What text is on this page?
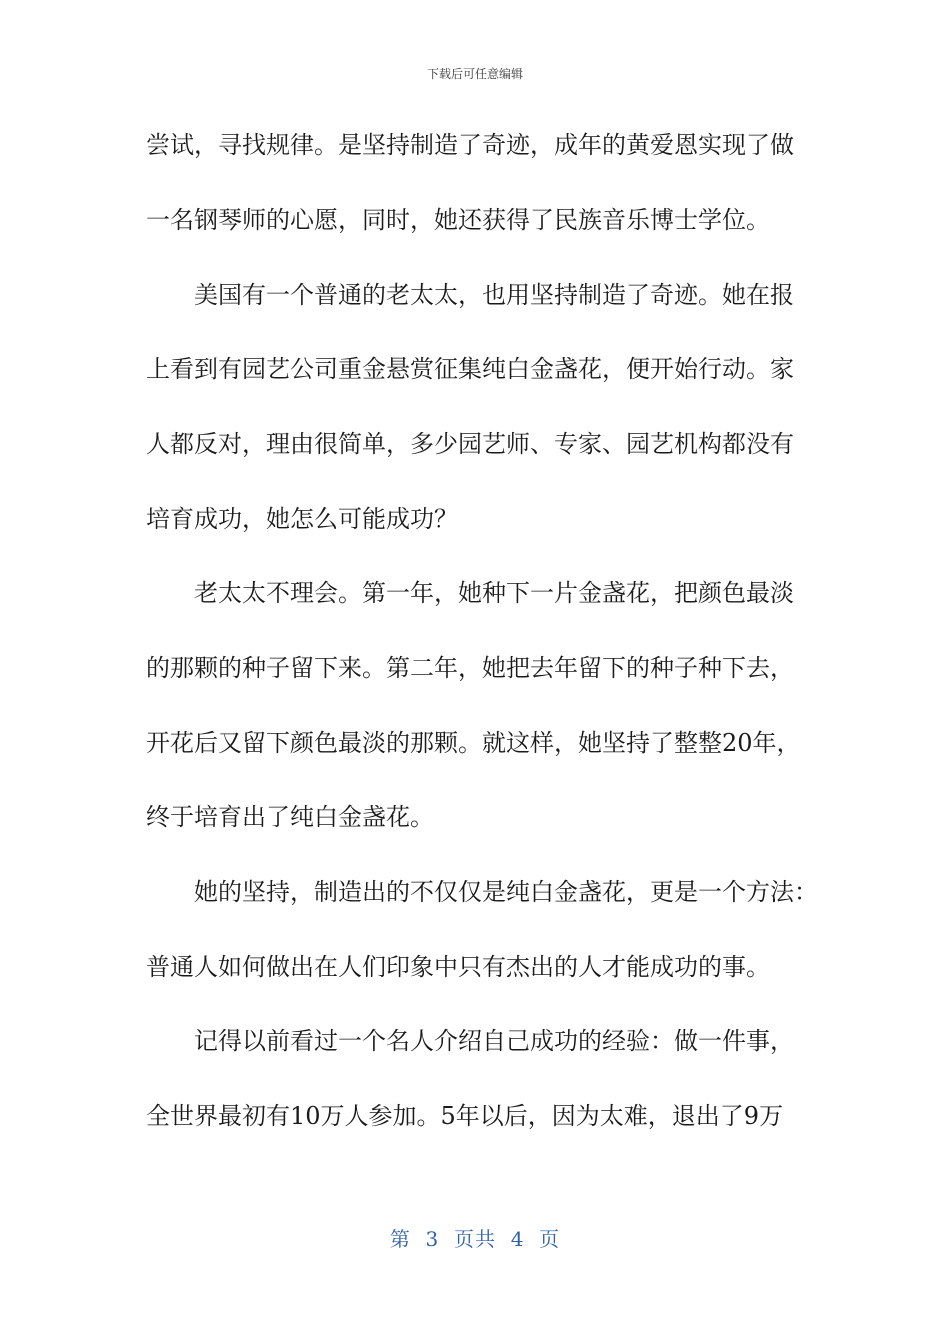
下载后可任意编辑
尝试，寻找规律。是坚持制造了奇迹，成年的黄爱恩实现了做
一名钢琴师的心愿，同时，她还获得了民族音乐博士学位。
美国有一个普通的老太太，也用坚持制造了奇迹。她在报
上看到有园艺公司重金悬赏征集纯白金盏花，便开始行动。家
人都反对，理由很简单，多少园艺师、专家、园艺机构都没有
培育成功，她怎么可能成功？
老太太不理会。第一年，她种下一片金盏花，把颜色最淡
的那颗的种子留下来。第二年，她把去年留下的种子种下去，
开花后又留下颜色最淡的那颗。就这样，她坚持了整整20年，
终于培育出了纯白金盏花。
她的坚持，制造出的不仅仅是纯白金盏花，更是一个方法：
普通人如何做出在人们印象中只有杰出的人才能成功的事。
记得以前看过一个名人介绍自己成功的经验：做一件事，
全世界最初有10万人参加。5年以后，因为太难，退出了9万
第  3  页共  4  页
